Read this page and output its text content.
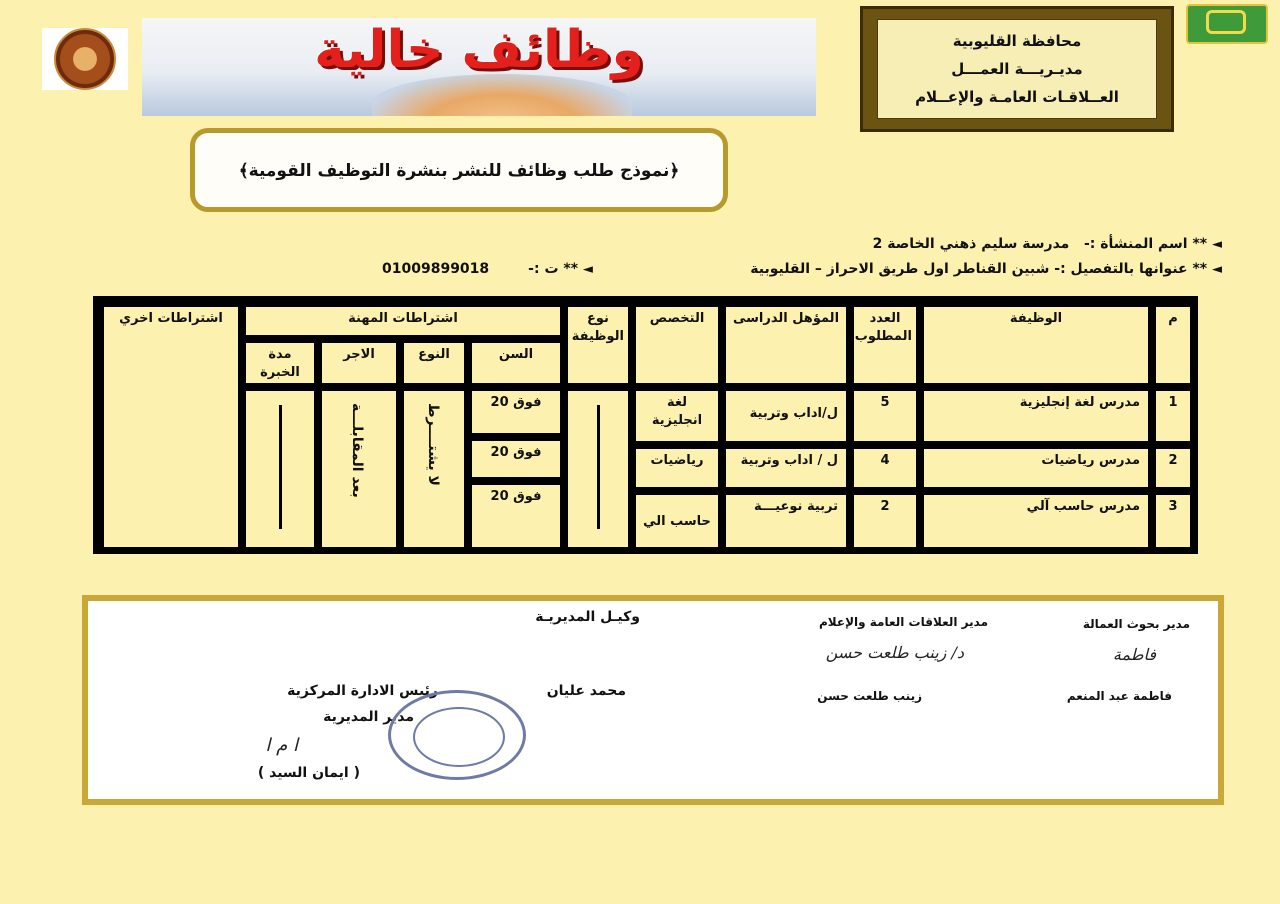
وظائف خالية	محافظة القليوبية
مديـريـــة العمـــل
العــلاقـات العامـة والإعــلام
﴿نموذج طلب وظائف للنشر بنشرة التوظيف القومية﴾
◄ ** اسم المنشأة :-   مدرسة سليم ذهني الخاصة 2
◄ ** عنوانها بالتفصيل :- شبين القناطر اول طريق الاحراز – القليوبية
◄ ** ت :-        01009899018
م
الوظيفة
العدد المطلوب
المؤهل الدراسى
التخصص
نوع الوظيفة
اشتراطات المهنة
السن
النوع
الاجر
مدة الخبرة
اشتراطات اخري
1
مدرس لغة إنجليزية
5
ل/اداب وتربية
لغة انجليزية
فوق 20
2
مدرس رياضيات
4
ل / اداب وتربية
رياضيات
فوق 20
3
مدرس حاسب آلي
2
تربية نوعيـــة
حاسب الي
فوق 20
لا يشتــــرط
بعد المقابلـــة
مدير بحوث العمالة
مدير العلاقات العامة والإعلام
وكيـل المديريـة
فاطمة
د/ زينب طلعت حسن
فاطمة عبد المنعم
زينب طلعت حسن
محمد عليان
رئيس الادارة المركزية
مدير المديرية
ا م ا
( ايمان السيد )
